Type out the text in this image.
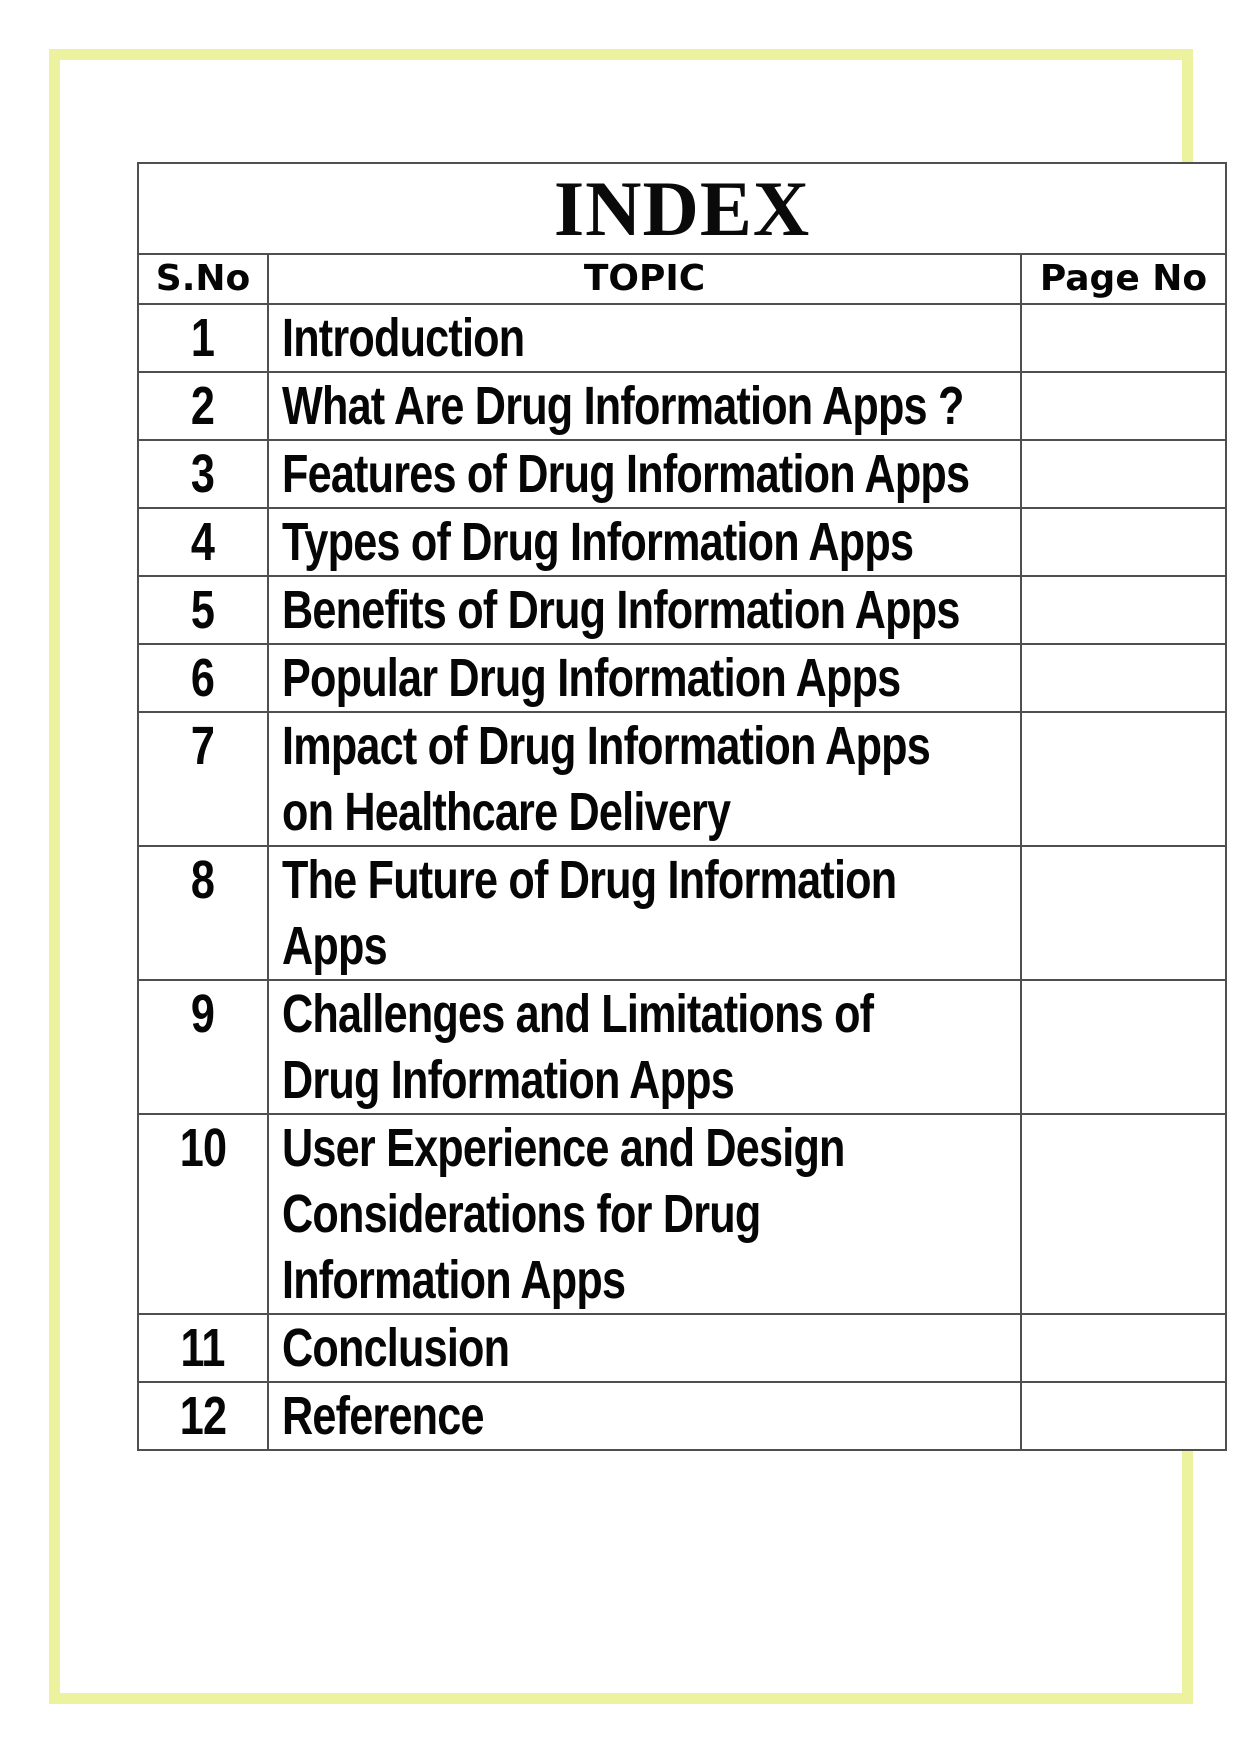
INDEX		
S.No	TOPIC	Page No
1	Introduction	

2	What Are Drug Information Apps ?	

3	Features of Drug Information Apps	

4	Types of Drug Information Apps	

5	Benefits of Drug Information Apps	

6	Popular Drug Information Apps	

7	Impact of Drug Information Apps
on Healthcare Delivery	

8	The Future of Drug Information
Apps	

9	Challenges and Limitations of
Drug Information Apps	

10	User Experience and Design
Considerations for Drug
Information Apps	

11	Conclusion	

12	Reference	
